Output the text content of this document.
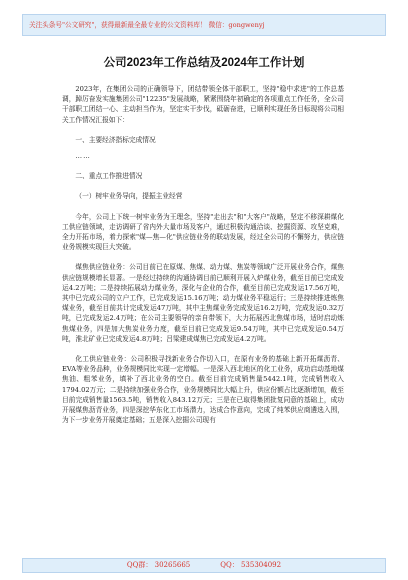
关注头条号"公文研究"，获得最新最全最专业的公文资料库！ 微信：gongwenyj
公司2023年工作总结及2024年工作计划

2023年，在集团公司的正确领导下，团结带领全体干部职工，坚持"稳中求进"的工作总基调，踔厉奋发实施集团公司"12235"发展战略，紧紧围绕年初确定的各项重点工作任务，全公司干部职工团结一心、主动担当作为，坚定实干步伐，砥砺奋进，已顺利实现任务目标现将公司相关工作情况汇报如下：

一、主要经济指标完成情况

……

二、重点工作推进情况

（一）树牢业务导向，提振主业经营

今年，公司上下统一树牢业务为王理念，坚持"走出去"和"大客户"战略，坚定不移深耕煤化工供应链领域，走访调研了省内外大量市场及客户，通过积极沟通洽谈、挖掘资源、攻坚克难，全力开拓市场，着力探索"煤—焦—化"供应链业务的联动发展，经过全公司的不懈努力，供应链业务规模实现巨大突破。

煤焦供应链业务：公司目前已在原煤、焦煤、动力煤、焦炭等领域广泛开展业务合作，煤焦供应链规模增长显著。一是经过持续的沟通协调目前已顺利开展入炉煤业务，截至目前已完成发运4.2万吨；二是持续拓展动力煤业务，深化与企业的合作，截至目前已完成发运17.56万吨，其中已完成公司的立户工作，已完成发运15.16万吨；动力煤业务平稳运行；三是持续推进炼焦煤业务，截至目前共计完成发运47万吨，其中主焦煤业务完成发运16.2万吨，完成发运0.32万吨，已完成发运2.4万吨；在公司主要领导的亲自带领下，大力拓展西北焦煤市场，适时启动炼焦煤业务，四是加大焦炭业务力度，截至目前已完成发运9.54万吨，其中已完成发运0.54万吨，淮北矿业已完成发运4.8万吨；吕梁建成煤焦已完成发运4.2万吨。

化工供应链业务：公司积极寻找新业务合作切入口，在原有业务的基础上新开拓煤沥青、EVA等业务品种，业务规模同比实现一定增幅。一是深入西北地区的化工业务，成功启动基地煤焦油、粗苯业务，填补了西北业务的空白。截至目前完成销售量5442.1吨，完成销售收入1794.02万元；二是持续加强业务合作，业务规模同比大幅上升，供应份额占比逐渐增加，截至目前完成销售量1563.5吨，销售收入843.12万元；三是在已取得集团批复同意的基础上，成功开展煤焦沥青业务，四是深挖华东化工市场潜力，达成合作意向，完成了纯苯供应商遴选入围，为下一步业务开展奠定基础；五是深入挖掘公司现有

QQ群： 30265665	QQ： 535304092
